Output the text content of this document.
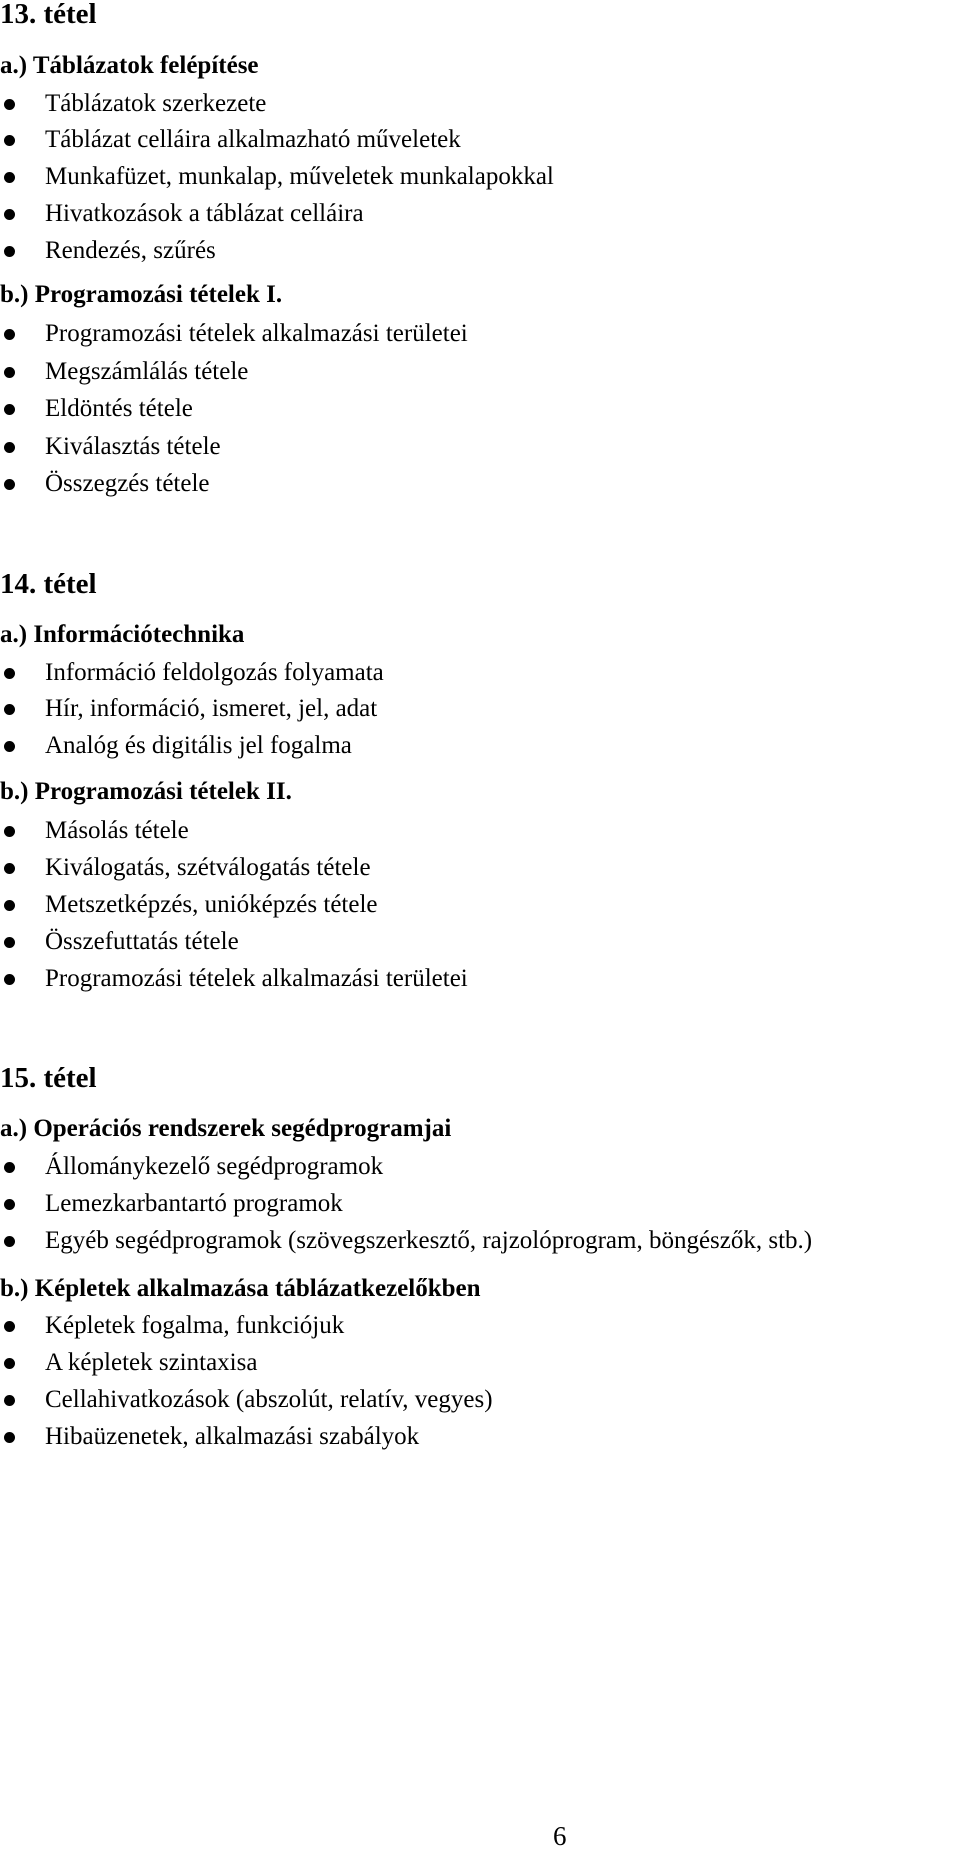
13. tétel
a.) Táblázatok felépítése
Táblázatok szerkezete
Táblázat celláira alkalmazható műveletek
Munkafüzet, munkalap, műveletek munkalapokkal
Hivatkozások a táblázat celláira
Rendezés, szűrés
b.) Programozási tételek I.
Programozási tételek alkalmazási területei
Megszámlálás tétele
Eldöntés tétele
Kiválasztás tétele
Összegzés tétele
14. tétel
a.) Információtechnika
Információ feldolgozás folyamata
Hír, információ, ismeret, jel, adat
Analóg és digitális jel fogalma
b.) Programozási tételek II.
Másolás tétele
Kiválogatás, szétválogatás tétele
Metszetképzés, unióképzés tétele
Összefuttatás tétele
Programozási tételek alkalmazási területei
15. tétel
a.) Operációs rendszerek segédprogramjai
Állománykezelő segédprogramok
Lemezkarbantartó programok
Egyéb segédprogramok (szövegszerkesztő, rajzolóprogram, böngészők, stb.)
b.) Képletek alkalmazása táblázatkezelőkben
Képletek fogalma, funkciójuk
A képletek szintaxisa
Cellahivatkozások (abszolút, relatív, vegyes)
Hibaüzenetek, alkalmazási szabályok
6
